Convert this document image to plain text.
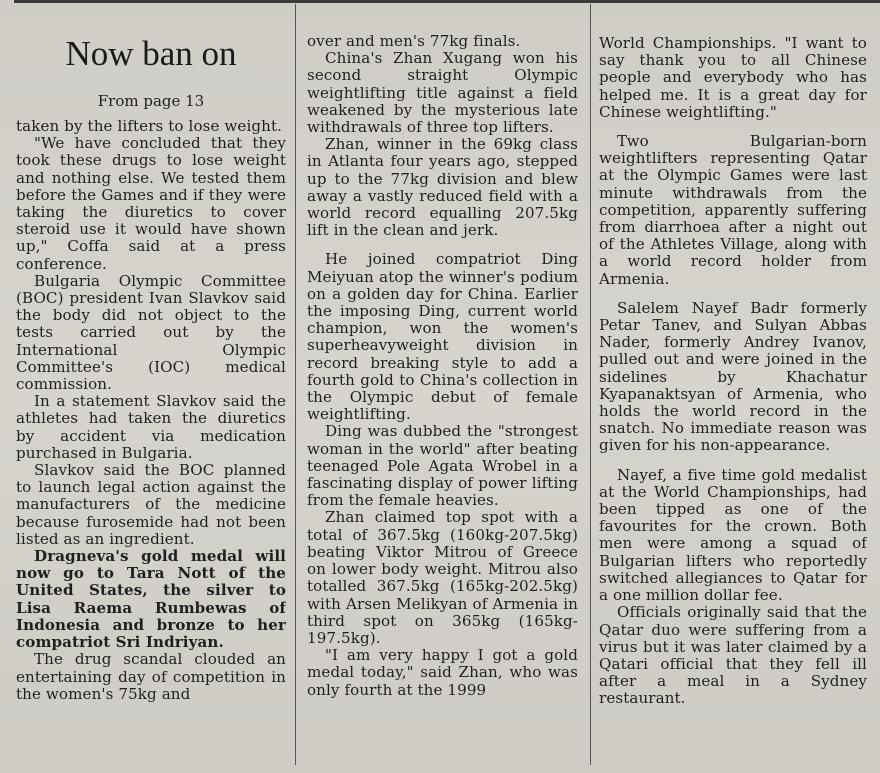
Now ban on
From page 13

taken by the lifters to lose weight.

"We have concluded that they took these drugs to lose weight and nothing else. We tested them before the Games and if they were taking the diuretics to cover steroid use it would have shown up," Coffa said at a press conference.

Bulgaria Olympic Committee (BOC) president Ivan Slavkov said the body did not object to the tests carried out by the International Olympic Committee's (IOC) medical commission.

In a statement Slavkov said the athletes had taken the diuretics by accident via medication purchased in Bulgaria.

Slavkov said the BOC planned to launch legal action against the manufacturers of the medicine because furosemide had not been listed as an ingredient.

Dragneva's gold medal will now go to Tara Nott of the United States, the silver to Lisa Raema Rumbewas of Indonesia and bronze to her compatriot Sri Indriyan.

The drug scandal clouded an entertaining day of competition in the women's 75kg and

over and men's 77kg finals.

China's Zhan Xugang won his second straight Olympic weightlifting title against a field weakened by the mysterious late withdrawals of three top lifters.

Zhan, winner in the 69kg class in Atlanta four years ago, stepped up to the 77kg division and blew away a vastly reduced field with a world record equalling 207.5kg lift in the clean and jerk.

He joined compatriot Ding Meiyuan atop the winner's podium on a golden day for China. Earlier the imposing Ding, current world champion, won the women's superheavyweight division in record breaking style to add a fourth gold to China's collection in the Olympic debut of female weightlifting.

Ding was dubbed the "strongest woman in the world" after beating teenaged Pole Agata Wrobel in a fascinating display of power lifting from the female heavies.

Zhan claimed top spot with a total of 367.5kg (160kg-207.5kg) beating Viktor Mitrou of Greece on lower body weight. Mitrou also totalled 367.5kg (165kg-202.5kg) with Arsen Melikyan of Armenia in third spot on 365kg (165kg-197.5kg).

"I am very happy I got a gold medal today," said Zhan, who was only fourth at the 1999

World Championships. "I want to say thank you to all Chinese people and everybody who has helped me. It is a great day for Chinese weightlifting."

Two Bulgarian-born weightlifters representing Qatar at the Olympic Games were last minute withdrawals from the competition, apparently suffering from diarrhoea after a night out of the Athletes Village, along with a world record holder from Armenia.

Salelem Nayef Badr formerly Petar Tanev, and Sulyan Abbas Nader, formerly Andrey Ivanov, pulled out and were joined in the sidelines by Khachatur Kyapanaktsyan of Armenia, who holds the world record in the snatch. No immediate reason was given for his non-appearance.

Nayef, a five time gold medalist at the World Championships, had been tipped as one of the favourites for the crown. Both men were among a squad of Bulgarian lifters who reportedly switched allegiances to Qatar for a one million dollar fee.

Officials originally said that the Qatar duo were suffering from a virus but it was later claimed by a Qatari official that they fell ill after a meal in a Sydney restaurant.
